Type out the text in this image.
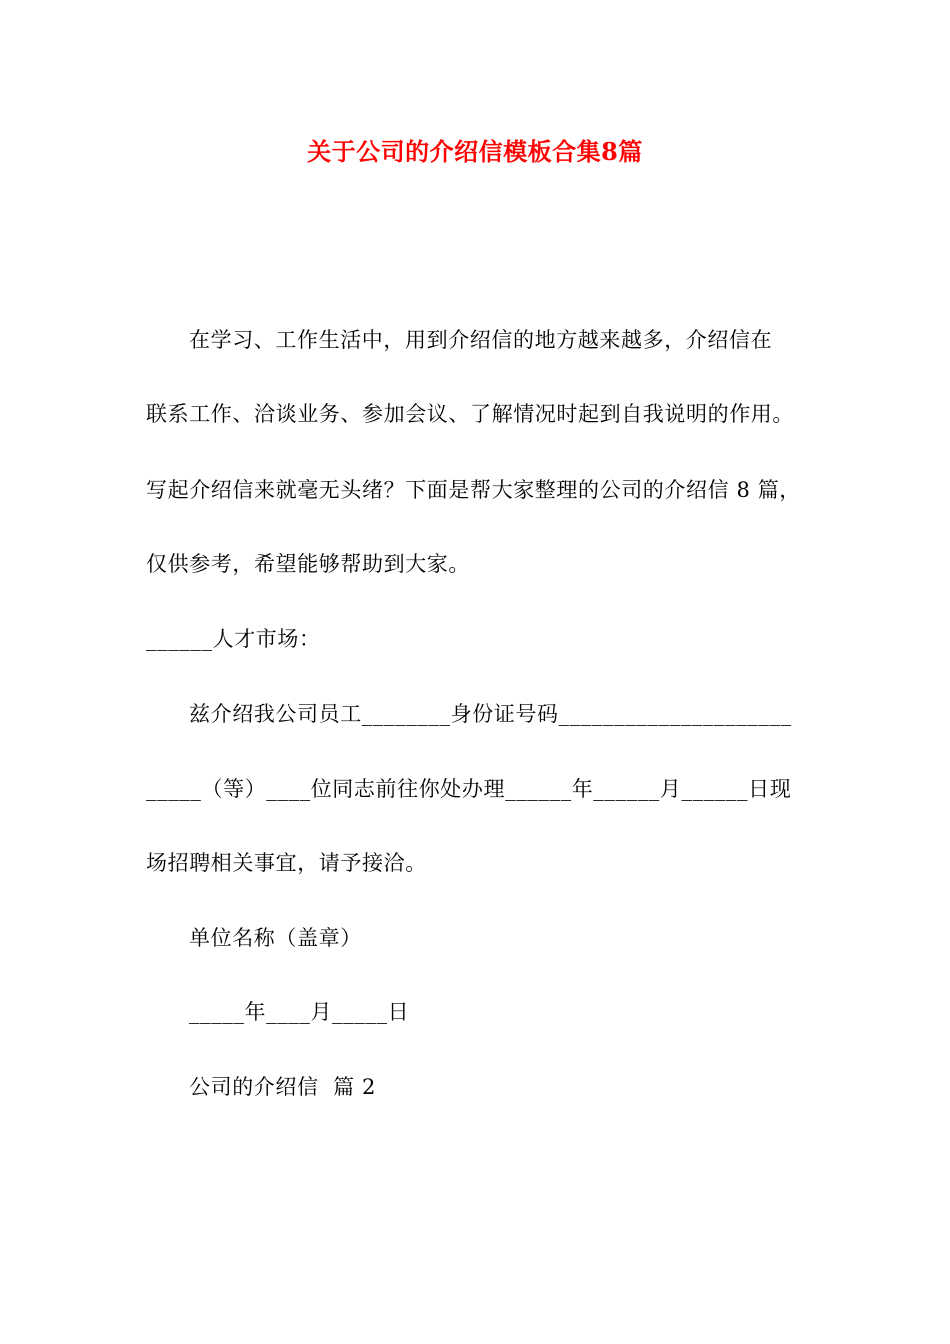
关于公司的介绍信模板合集8篇
在学习、工作生活中，用到介绍信的地方越来越多，介绍信在
联系工作、洽谈业务、参加会议、了解情况时起到自我说明的作用。
写起介绍信来就毫无头绪？下面是帮大家整理的公司的介绍信 8 篇，
仅供参考，希望能够帮助到大家。
______人才市场：
兹介绍我公司员工________身份证号码_____________________
_____（等）____位同志前往你处办理______年______月______日现
场招聘相关事宜，请予接洽。
单位名称（盖章）
_____年____月_____日
公司的介绍信  篇 2
